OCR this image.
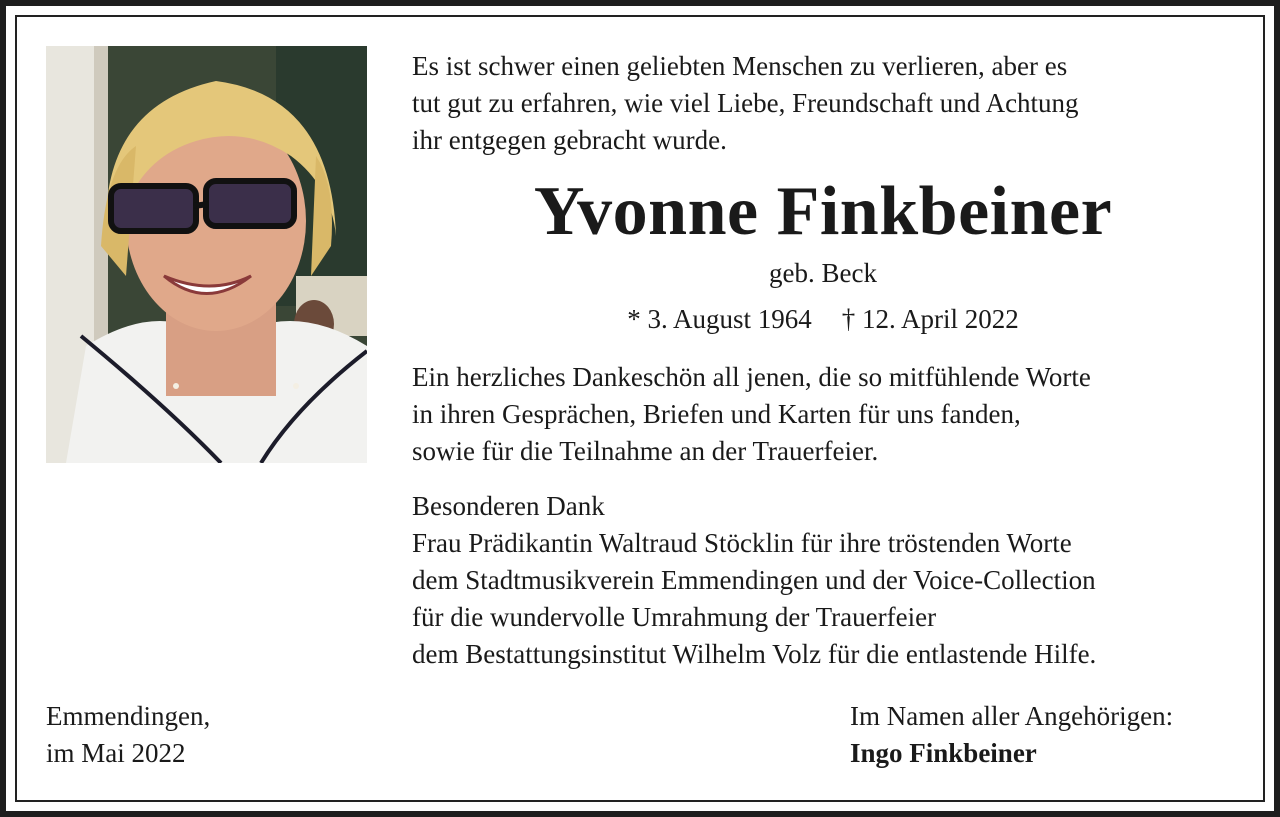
Es ist schwer einen geliebten Menschen zu verlieren, aber es
tut gut zu erfahren, wie viel Liebe, Freundschaft und Achtung
ihr entgegen gebracht wurde.
Yvonne Finkbeiner
geb. Beck
* 3. August 1964 † 12. April 2022
Ein herzliches Dankeschön all jenen, die so mitfühlende Worte
in ihren Gesprächen, Briefen und Karten für uns fanden,
sowie für die Teilnahme an der Trauerfeier.
Besonderen Dank
Frau Prädikantin Waltraud Stöcklin für ihre tröstenden Worte
dem Stadtmusikverein Emmendingen und der Voice-Collection
für die wundervolle Umrahmung der Trauerfeier
dem Bestattungsinstitut Wilhelm Volz für die entlastende Hilfe.
Emmendingen,
im Mai 2022
Im Namen aller Angehörigen:
Ingo Finkbeiner
